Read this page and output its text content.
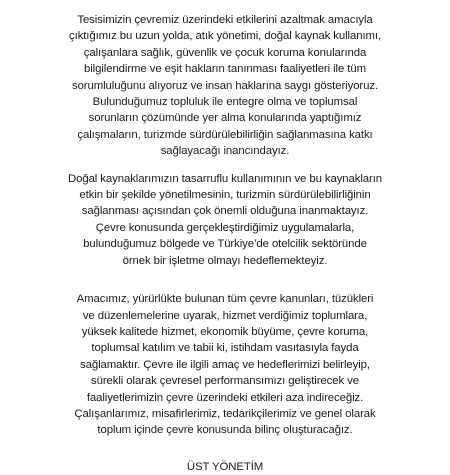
Tesisimizin çevremiz üzerindeki etkilerini azaltmak amacıyla
çıktığımız bu uzun yolda, atık yönetimi, doğal kaynak kullanımı,
çalışanlara sağlık, güvenlik ve çocuk koruma konularında
bilgilendirme ve eşit hakların tanınması faaliyetleri ile tüm
sorumluluğunu alıyoruz ve insan haklarına saygı gösteriyoruz.
Bulunduğumuz topluluk ile entegre olma ve toplumsal
sorunların çözümünde yer alma konularında yaptığımız
çalışmaların, turizmde sürdürülebilirliğin sağlanmasına katkı
sağlayacağı inancındayız.
Doğal kaynaklarımızın tasarruflu kullanımının ve bu kaynakların
etkin bir şekilde yönetilmesinin, turizmin sürdürülebilirliğinin
sağlanması açısından çok önemli olduğuna inanmaktayız.
Çevre konusunda gerçekleştirdiğimiz uygulamalarla,
bulunduğumuz bölgede ve Türkiye’de otelcilik sektöründe
örnek bir işletme olmayı hedeflemekteyiz.
Amacımız, yürürlükte bulunan tüm çevre kanunları, tüzükleri
ve düzenlemelerine uyarak, hizmet verdiğimiz toplumlara,
yüksek kalitede hizmet, ekonomik büyüme, çevre koruma,
toplumsal katılım ve tabii ki, istihdam vasıtasıyla fayda
sağlamaktır. Çevre ile ilgili amaç ve hedeflerimizi belirleyip,
sürekli olarak çevresel performansımızı geliştirecek ve
faaliyetlerimizin çevre üzerindeki etkileri aza indireceğiz.
Çalışanlarımız, misafirlerimiz, tedarikçilerimiz ve genel olarak
toplum içinde çevre konusunda bilinç oluşturacağız.
ÜST YÖNETİM
